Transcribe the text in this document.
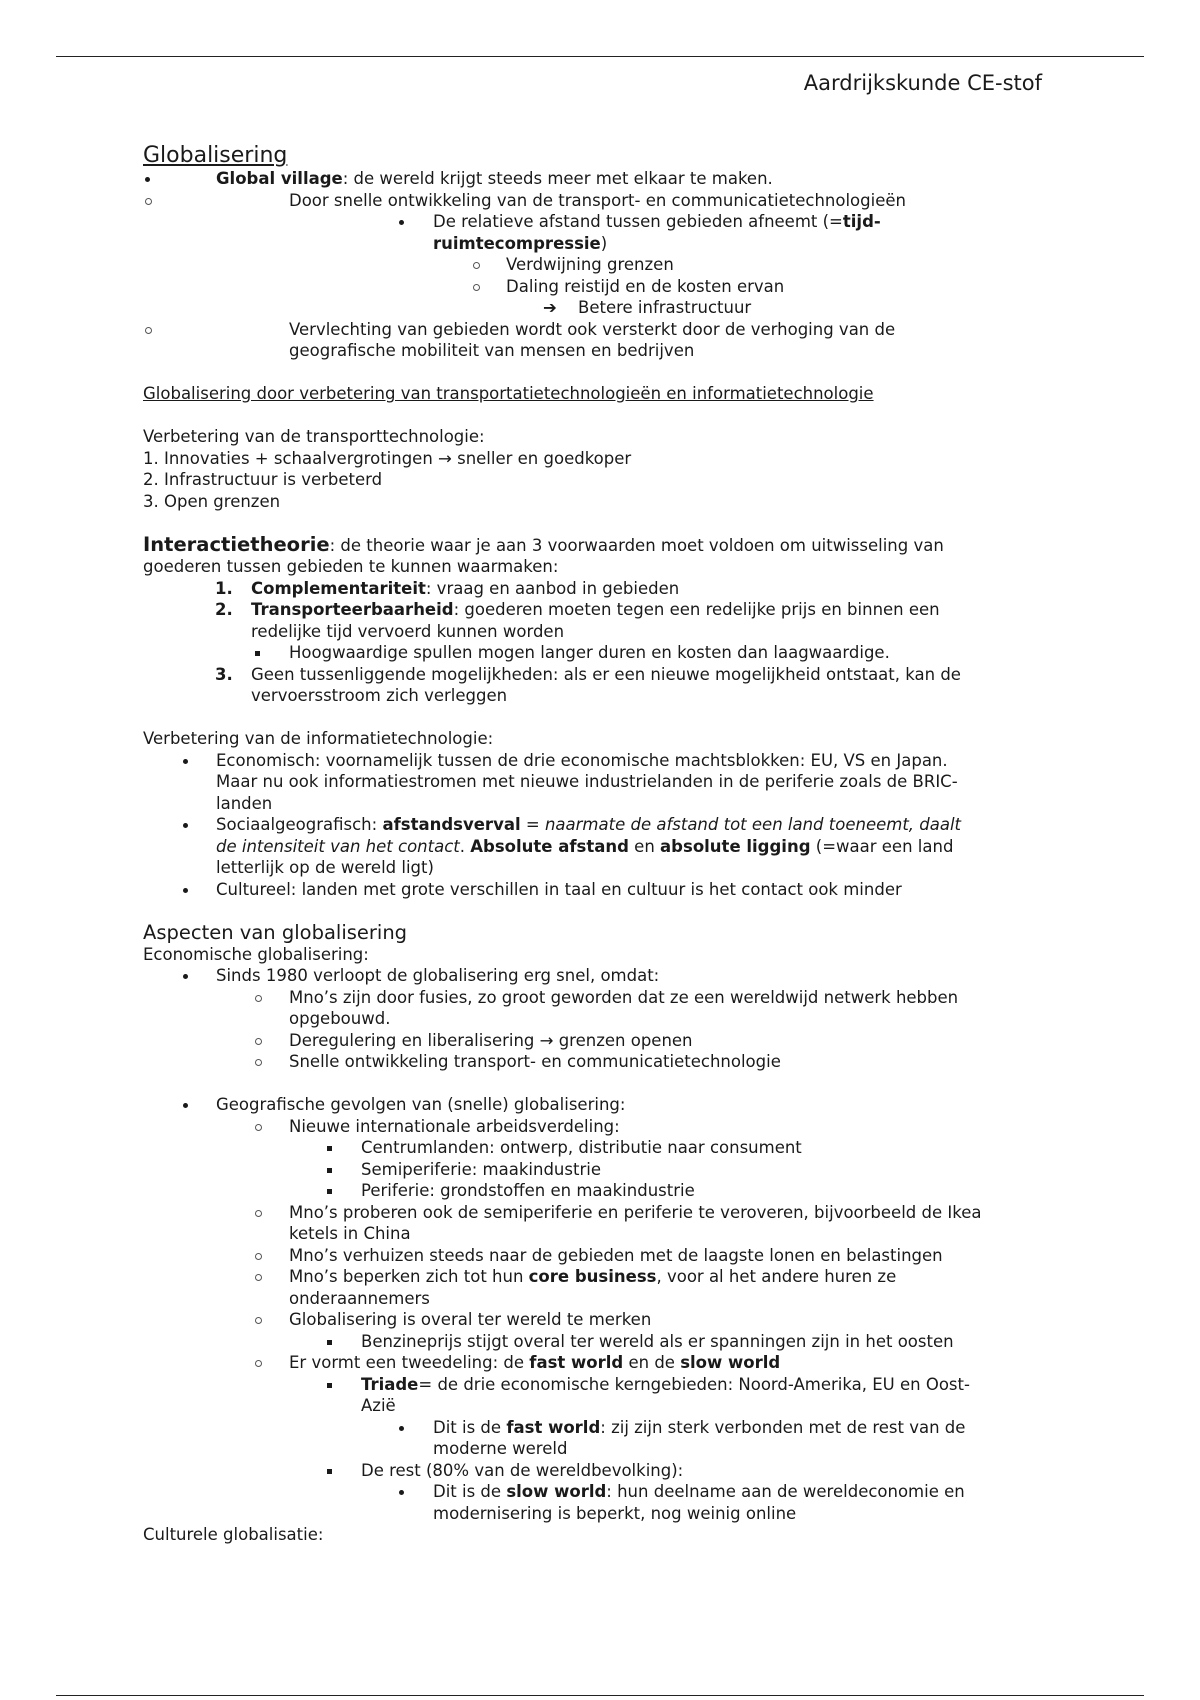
Aardrijkskunde CE-stof
Globalisering
Global village: de wereld krijgt steeds meer met elkaar te maken.
Door snelle ontwikkeling van de transport- en communicatietechnologieën
De relatieve afstand tussen gebieden afneemt (=tijd-
ruimtecompressie)
Verdwijning grenzen
Daling reistijd en de kosten ervan
➔ Betere infrastructuur
Vervlechting van gebieden wordt ook versterkt door de verhoging van de
geografische mobiliteit van mensen en bedrijven
Globalisering door verbetering van transportatietechnologieën en informatietechnologie
Verbetering van de transporttechnologie:
1. Innovaties + schaalvergrotingen → sneller en goedkoper
2. Infrastructuur is verbeterd
3. Open grenzen
Interactietheorie: de theorie waar je aan 3 voorwaarden moet voldoen om uitwisseling van
goederen tussen gebieden te kunnen waarmaken:
1. Complementariteit: vraag en aanbod in gebieden
2. Transporteerbaarheid: goederen moeten tegen een redelijke prijs en binnen een
redelijke tijd vervoerd kunnen worden
Hoogwaardige spullen mogen langer duren en kosten dan laagwaardige.
3. Geen tussenliggende mogelijkheden: als er een nieuwe mogelijkheid ontstaat, kan de
vervoersstroom zich verleggen
Verbetering van de informatietechnologie:
Economisch: voornamelijk tussen de drie economische machtsblokken: EU, VS en Japan.
Maar nu ook informatiestromen met nieuwe industrielanden in de periferie zoals de BRIC-
landen
Sociaalgeografisch: afstandsverval = naarmate de afstand tot een land toeneemt, daalt
de intensiteit van het contact. Absolute afstand en absolute ligging (=waar een land
letterlijk op de wereld ligt)
Cultureel: landen met grote verschillen in taal en cultuur is het contact ook minder
Aspecten van globalisering
Economische globalisering:
Sinds 1980 verloopt de globalisering erg snel, omdat:
Mno’s zijn door fusies, zo groot geworden dat ze een wereldwijd netwerk hebben
opgebouwd.
Deregulering en liberalisering → grenzen openen
Snelle ontwikkeling transport- en communicatietechnologie
Geografische gevolgen van (snelle) globalisering:
Nieuwe internationale arbeidsverdeling:
Centrumlanden: ontwerp, distributie naar consument
Semiperiferie: maakindustrie
Periferie: grondstoffen en maakindustrie
Mno’s proberen ook de semiperiferie en periferie te veroveren, bijvoorbeeld de Ikea
ketels in China
Mno’s verhuizen steeds naar de gebieden met de laagste lonen en belastingen
Mno’s beperken zich tot hun core business, voor al het andere huren ze
onderaannemers
Globalisering is overal ter wereld te merken
Benzineprijs stijgt overal ter wereld als er spanningen zijn in het oosten
Er vormt een tweedeling: de fast world en de slow world
Triade= de drie economische kerngebieden: Noord-Amerika, EU en Oost-
Azië
Dit is de fast world: zij zijn sterk verbonden met de rest van de
moderne wereld
De rest (80% van de wereldbevolking):
Dit is de slow world: hun deelname aan de wereldeconomie en
modernisering is beperkt, nog weinig online
Culturele globalisatie:
